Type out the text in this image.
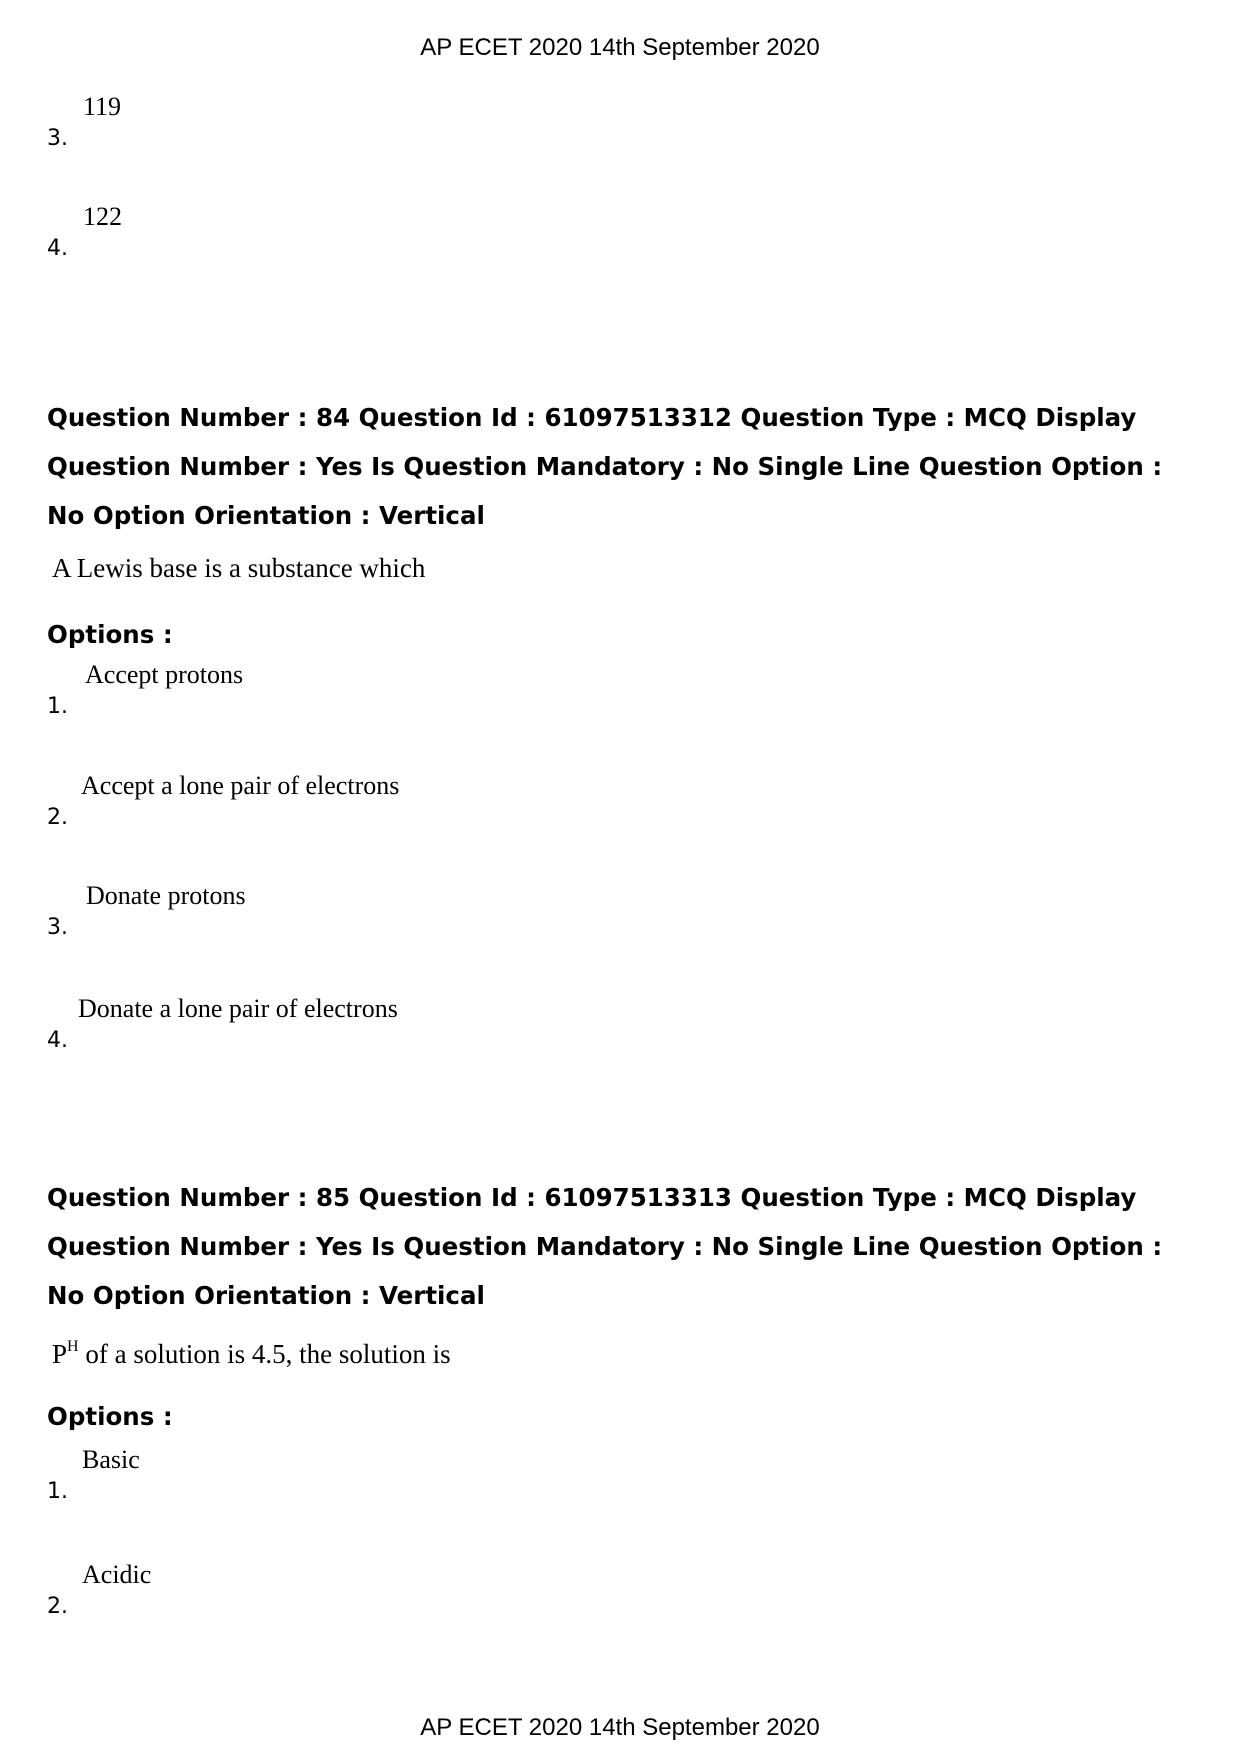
AP ECET 2020 14th September 2020
3.
119
4.
122
Question Number : 84 Question Id : 61097513312 Question Type : MCQ Display Question Number : Yes Is Question Mandatory : No Single Line Question Option : No Option Orientation : Vertical
A Lewis base is a substance which
Options :
1.
Accept protons
2.
Accept a lone pair of electrons
3.
Donate protons
4.
Donate a lone pair of electrons
Question Number : 85 Question Id : 61097513313 Question Type : MCQ Display Question Number : Yes Is Question Mandatory : No Single Line Question Option : No Option Orientation : Vertical
$P^H$ of a solution is 4.5, the solution is
Options :
1.
Basic
2.
Acidic
AP ECET 2020 14th September 2020
